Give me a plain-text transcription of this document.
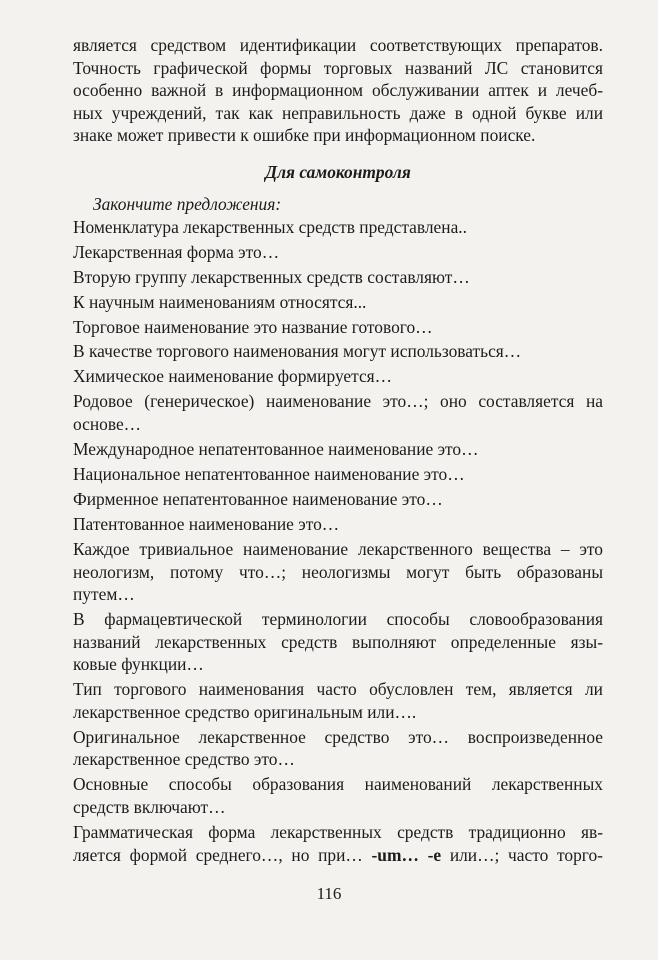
является средством идентификации соответствующих препаратов.

Точность графической формы торговых названий ЛС становится

особенно важной в информационном обслуживании аптек и лечеб-

ных учреждений, так как неправильность даже в одной букве или

знаке может привести к ошибке при информационном поиске.

Для самоконтроля
Закончите предложения:
Номенклатура лекарственных средств представлена..
Лекарственная форма это…
Вторую группу лекарственных средств составляют…
К научным наименованиям относятся...
Торговое наименование это название готового…
В качестве торгового наименования могут использоваться…
Химическое наименование формируется…
Родовое (генерическое) наименование это…; оно составляется на
основе…
Международное непатентованное наименование это…
Национальное непатентованное наименование это…
Фирменное непатентованное наименование это…
Патентованное наименование это…
Каждое тривиальное наименование лекарственного вещества – это
неологизм, потому что…; неологизмы могут быть образованы
путем…
В фармацевтической терминологии способы словообразования
названий лекарственных средств выполняют определенные язы-
ковые функции…
Тип торгового наименования часто обусловлен тем, является ли
лекарственное средство оригинальным или….
Оригинальное лекарственное средство это… воспроизведенное
лекарственное средство это…
Основные способы образования наименований лекарственных
средств включают…
Грамматическая форма лекарственных средств традиционно яв-
ляется формой среднего…, но при… -um… -e или…; часто торго-
116
